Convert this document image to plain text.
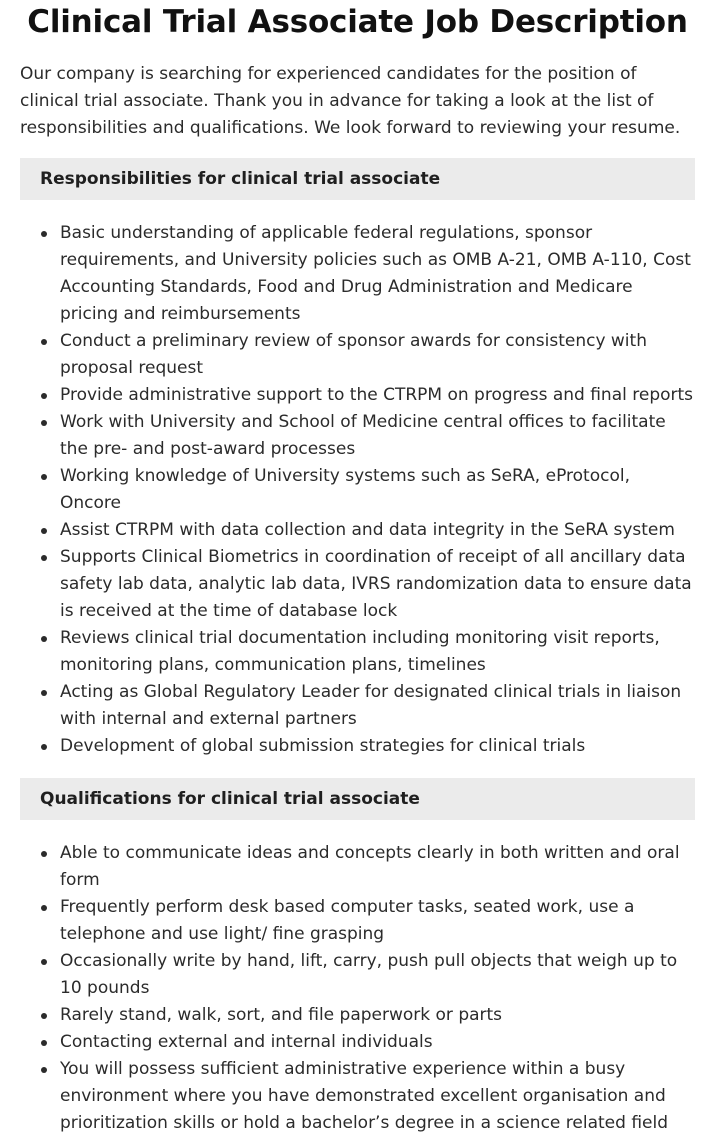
Clinical Trial Associate Job Description

Our company is searching for experienced candidates for the position of clinical trial associate. Thank you in advance for taking a look at the list of responsibilities and qualifications. We look forward to reviewing your resume.

Responsibilities for clinical trial associate
Basic understanding of applicable federal regulations, sponsor requirements, and University policies such as OMB A-21, OMB A-110, Cost Accounting Standards, Food and Drug Administration and Medicare pricing and reimbursements
Conduct a preliminary review of sponsor awards for consistency with proposal request
Provide administrative support to the CTRPM on progress and final reports
Work with University and School of Medicine central offices to facilitate the pre- and post-award processes
Working knowledge of University systems such as SeRA, eProtocol, Oncore
Assist CTRPM with data collection and data integrity in the SeRA system
Supports Clinical Biometrics in coordination of receipt of all ancillary data safety lab data, analytic lab data, IVRS randomization data to ensure data is received at the time of database lock
Reviews clinical trial documentation including monitoring visit reports, monitoring plans, communication plans, timelines
Acting as Global Regulatory Leader for designated clinical trials in liaison with internal and external partners
Development of global submission strategies for clinical trials
Qualifications for clinical trial associate
Able to communicate ideas and concepts clearly in both written and oral form
Frequently perform desk based computer tasks, seated work, use a telephone and use light/ fine grasping
Occasionally write by hand, lift, carry, push pull objects that weigh up to 10 pounds
Rarely stand, walk, sort, and file paperwork or parts
Contacting external and internal individuals
You will possess sufficient administrative experience within a busy environment where you have demonstrated excellent organisation and prioritization skills or hold a bachelor’s degree in a science related field
